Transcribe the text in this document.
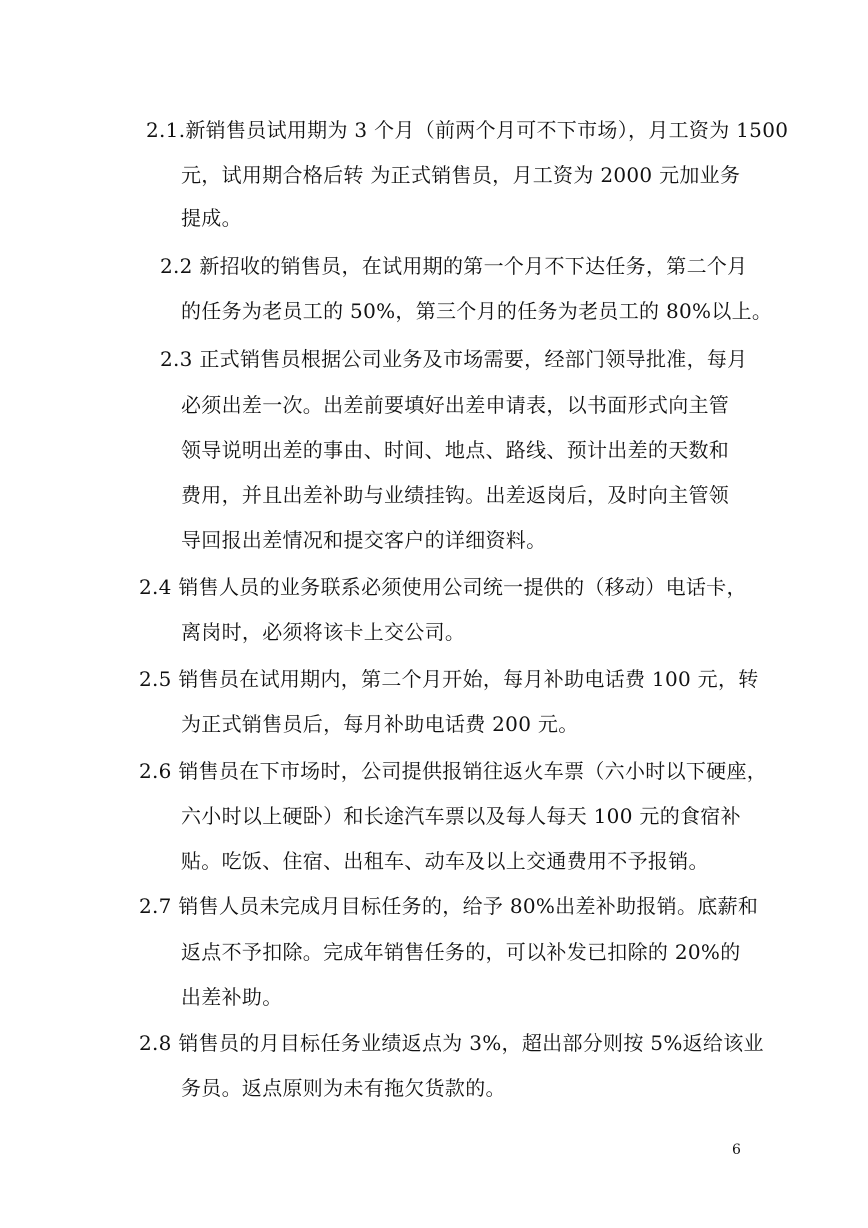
2.1.新销售员试用期为 3 个月（前两个月可不下市场），月工资为 1500
元，试用期合格后转 为正式销售员，月工资为 2000 元加业务
提成。
2.2 新招收的销售员，在试用期的第一个月不下达任务，第二个月
的任务为老员工的 50%，第三个月的任务为老员工的 80%以上。
2.3 正式销售员根据公司业务及市场需要，经部门领导批准，每月
必须出差一次。出差前要填好出差申请表，以书面形式向主管
领导说明出差的事由、时间、地点、路线、预计出差的天数和
费用，并且出差补助与业绩挂钩。出差返岗后，及时向主管领
导回报出差情况和提交客户的详细资料。
2.4 销售人员的业务联系必须使用公司统一提供的（移动）电话卡，
离岗时，必须将该卡上交公司。
2.5 销售员在试用期内，第二个月开始，每月补助电话费 100 元，转
为正式销售员后，每月补助电话费 200 元。
2.6 销售员在下市场时，公司提供报销往返火车票（六小时以下硬座，
六小时以上硬卧）和长途汽车票以及每人每天 100 元的食宿补
贴。吃饭、住宿、出租车、动车及以上交通费用不予报销。
2.7 销售人员未完成月目标任务的，给予 80%出差补助报销。底薪和
返点不予扣除。完成年销售任务的，可以补发已扣除的 20%的
出差补助。
2.8 销售员的月目标任务业绩返点为 3%，超出部分则按 5%返给该业
务员。返点原则为未有拖欠货款的。
6
